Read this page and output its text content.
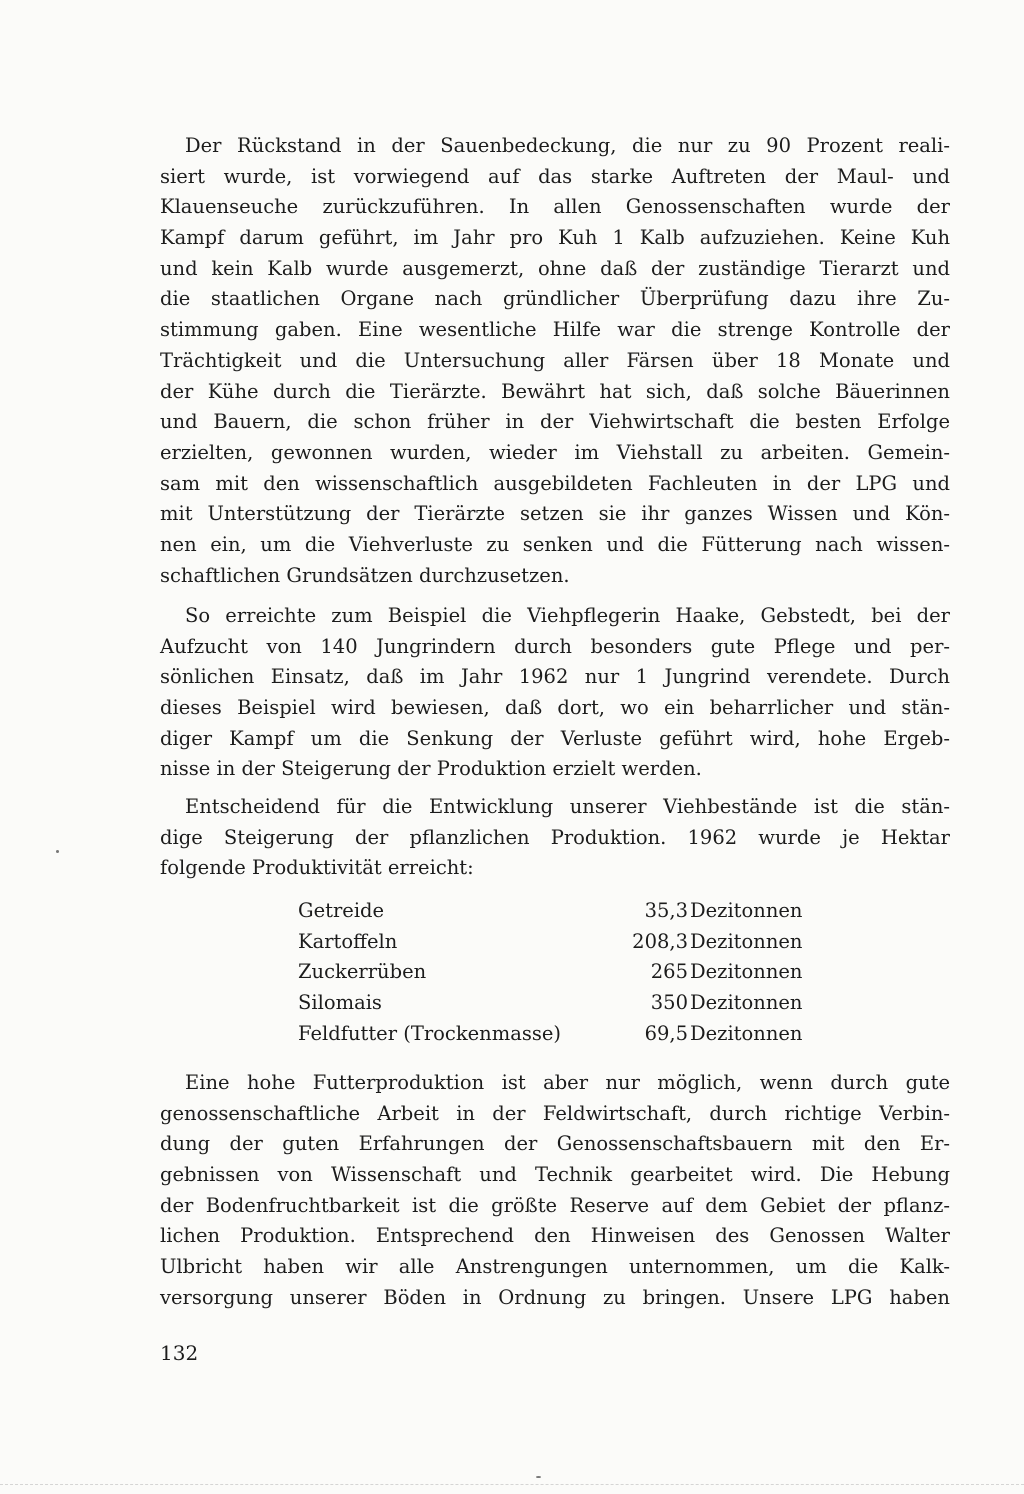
Der Rückstand in der Sauenbedeckung, die nur zu 90 Prozent reali-
siert wurde, ist vorwiegend auf das starke Auftreten der Maul- und
Klauenseuche zurückzuführen. In allen Genossenschaften wurde der
Kampf darum geführt, im Jahr pro Kuh 1 Kalb aufzuziehen. Keine Kuh
und kein Kalb wurde ausgemerzt, ohne daß der zuständige Tierarzt und
die staatlichen Organe nach gründlicher Überprüfung dazu ihre Zu-
stimmung gaben. Eine wesentliche Hilfe war die strenge Kontrolle der
Trächtigkeit und die Untersuchung aller Färsen über 18 Monate und
der Kühe durch die Tierärzte. Bewährt hat sich, daß solche Bäuerinnen
und Bauern, die schon früher in der Viehwirtschaft die besten Erfolge
erzielten, gewonnen wurden, wieder im Viehstall zu arbeiten. Gemein-
sam mit den wissenschaftlich ausgebildeten Fachleuten in der LPG und
mit Unterstützung der Tierärzte setzen sie ihr ganzes Wissen und Kön-
nen ein, um die Viehverluste zu senken und die Fütterung nach wissen-
schaftlichen Grundsätzen durchzusetzen.
So erreichte zum Beispiel die Viehpflegerin Haake, Gebstedt, bei der
Aufzucht von 140 Jungrindern durch besonders gute Pflege und per-
sönlichen Einsatz, daß im Jahr 1962 nur 1 Jungrind verendete. Durch
dieses Beispiel wird bewiesen, daß dort, wo ein beharrlicher und stän-
diger Kampf um die Senkung der Verluste geführt wird, hohe Ergeb-
nisse in der Steigerung der Produktion erzielt werden.
Entscheidend für die Entwicklung unserer Viehbestände ist die stän-
dige Steigerung der pflanzlichen Produktion. 1962 wurde je Hektar
folgende Produktivität erreicht:
Getreide	35,3 Dezitonnen
Kartoffeln	208,3 Dezitonnen
Zuckerrüben	265 Dezitonnen
Silomais	350 Dezitonnen
Feldfutter (Trockenmasse)	69,5 Dezitonnen
Eine hohe Futterproduktion ist aber nur möglich, wenn durch gute
genossenschaftliche Arbeit in der Feldwirtschaft, durch richtige Verbin-
dung der guten Erfahrungen der Genossenschaftsbauern mit den Er-
gebnissen von Wissenschaft und Technik gearbeitet wird. Die Hebung
der Bodenfruchtbarkeit ist die größte Reserve auf dem Gebiet der pflanz-
lichen Produktion. Entsprechend den Hinweisen des Genossen Walter
Ulbricht haben wir alle Anstrengungen unternommen, um die Kalk-
versorgung unserer Böden in Ordnung zu bringen. Unsere LPG haben
132
